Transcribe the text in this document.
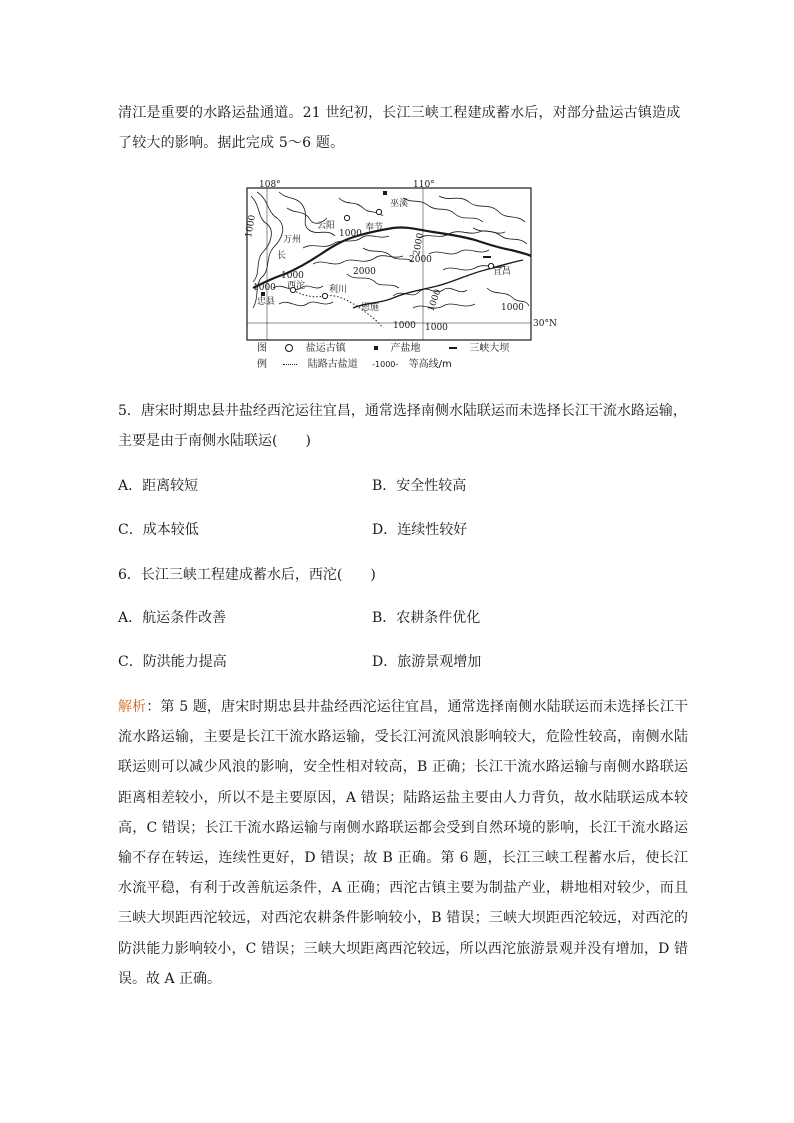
清江是重要的水路运盐通道。21 世纪初，长江三峡工程建成蓄水后，对部分盐运古镇造成
了较大的影响。据此完成 5～6 题。
108°	110°
30°N
巫溪
云阳	奉节
万州
长
西沱	利川
忠县
恩施
宜昌
1000
1000
1000
2000
2000
1000
1000 1000
1000
2000
1000
图	盐运古镇	产盐地	三峡大坝
例	陆路古盐道 -1000- 等高线/m
5．唐宋时期忠县井盐经西沱运往宜昌，通常选择南侧水陆联运而未选择长江干流水路运输，
主要是由于南侧水陆联运(　　)
A．距离较短	B．安全性较高
C．成本较低	D．连续性较好
6．长江三峡工程建成蓄水后，西沱(　　)
A．航运条件改善	B．农耕条件优化
C．防洪能力提高	D．旅游景观增加
解析：第 5 题，唐宋时期忠县井盐经西沱运往宜昌，通常选择南侧水陆联运而未选择长江干流水路运输，主要是长江干流水路运输，受长江河流风浪影响较大，危险性较高，南侧水陆联运则可以减少风浪的影响，安全性相对较高，B 正确；长江干流水路运输与南侧水路联运距离相差较小，所以不是主要原因，A 错误；陆路运盐主要由人力背负，故水陆联运成本较高，C 错误；长江干流水路运输与南侧水路联运都会受到自然环境的影响，长江干流水路运输不存在转运，连续性更好，D 错误；故 B 正确。第 6 题，长江三峡工程蓄水后，使长江水流平稳，有利于改善航运条件，A 正确；西沱古镇主要为制盐产业，耕地相对较少，而且三峡大坝距西沱较远，对西沱农耕条件影响较小，B 错误；三峡大坝距西沱较远，对西沱的防洪能力影响较小，C 错误；三峡大坝距离西沱较远，所以西沱旅游景观并没有增加，D 错误。故 A 正确。
